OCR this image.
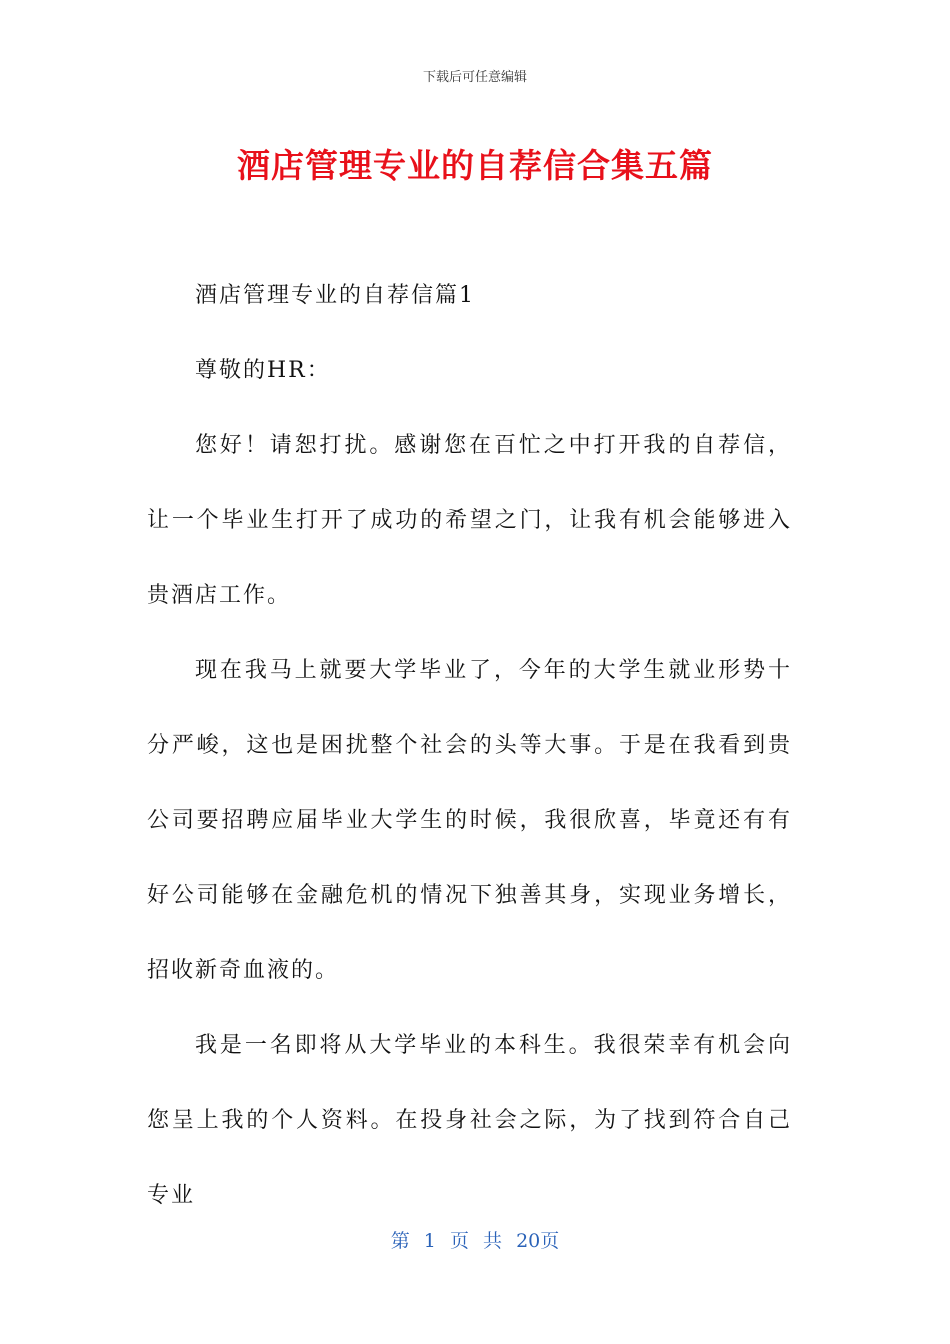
下载后可任意编辑
酒店管理专业的自荐信合集五篇

酒店管理专业的自荐信篇1

尊敬的HR：

您好！请恕打扰。感谢您在百忙之中打开我的自荐信，让一个毕业生打开了成功的希望之门，让我有机会能够进入贵酒店工作。

现在我马上就要大学毕业了，今年的大学生就业形势十分严峻，这也是困扰整个社会的头等大事。于是在我看到贵公司要招聘应届毕业大学生的时候，我很欣喜，毕竟还有有好公司能够在金融危机的情况下独善其身，实现业务增长，招收新奇血液的。

我是一名即将从大学毕业的本科生。我很荣幸有机会向您呈上我的个人资料。在投身社会之际，为了找到符合自己专业

第 1 页 共 20页
